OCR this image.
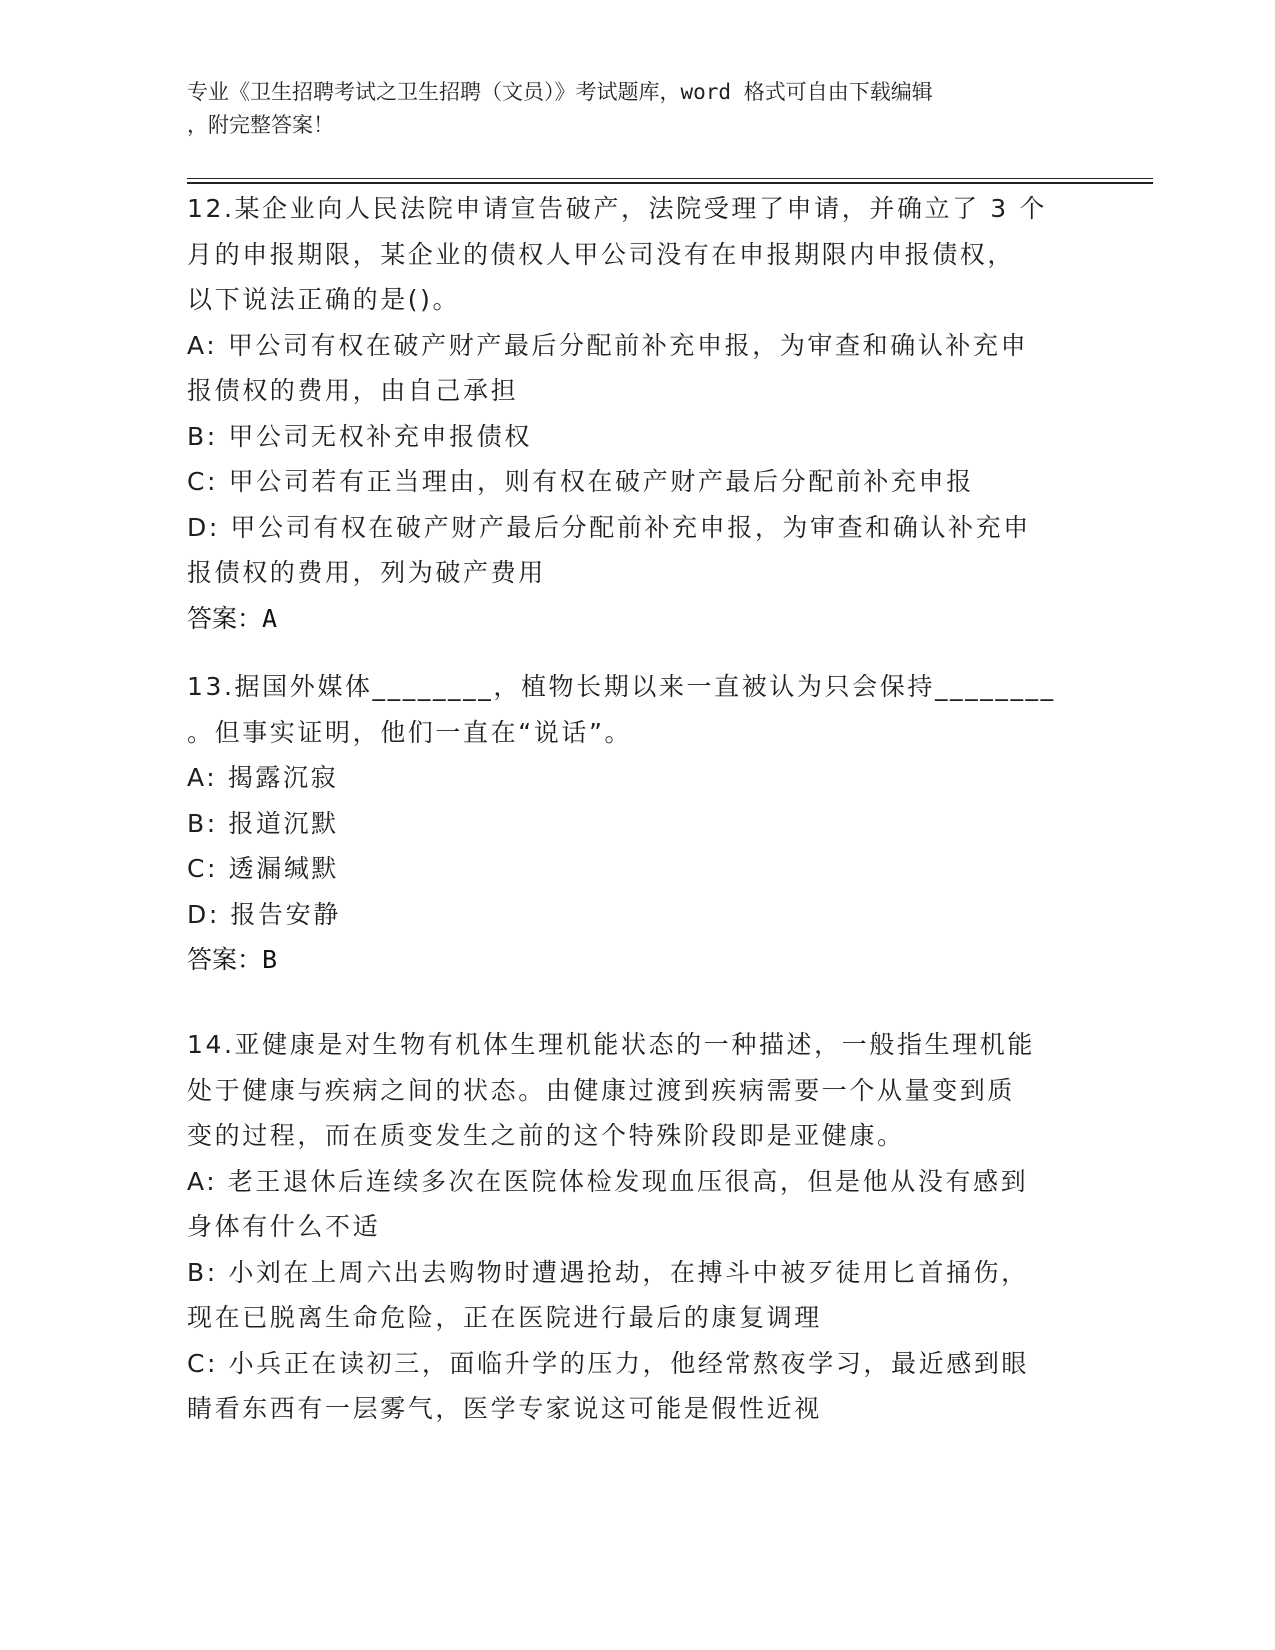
专业《卫生招聘考试之卫生招聘（文员）》考试题库，word 格式可自由下载编辑
，附完整答案！

12.某企业向人民法院申请宣告破产，法院受理了申请，并确立了 3 个

月的申报期限，某企业的债权人甲公司没有在申报期限内申报债权，

以下说法正确的是()。

A: 甲公司有权在破产财产最后分配前补充申报，为审查和确认补充申

报债权的费用，由自己承担

B: 甲公司无权补充申报债权

C: 甲公司若有正当理由，则有权在破产财产最后分配前补充申报

D: 甲公司有权在破产财产最后分配前补充申报，为审查和确认补充申

报债权的费用，列为破产费用

答案：A

13.据国外媒体________，植物长期以来一直被认为只会保持________

。但事实证明，他们一直在“说话”。

A: 揭露沉寂

B: 报道沉默

C: 透漏缄默

D: 报告安静

答案：B

14.亚健康是对生物有机体生理机能状态的一种描述，一般指生理机能

处于健康与疾病之间的状态。由健康过渡到疾病需要一个从量变到质

变的过程，而在质变发生之前的这个特殊阶段即是亚健康。

A: 老王退休后连续多次在医院体检发现血压很高，但是他从没有感到

身体有什么不适

B: 小刘在上周六出去购物时遭遇抢劫，在搏斗中被歹徒用匕首捅伤，

现在已脱离生命危险，正在医院进行最后的康复调理

C: 小兵正在读初三，面临升学的压力，他经常熬夜学习，最近感到眼

睛看东西有一层雾气，医学专家说这可能是假性近视
